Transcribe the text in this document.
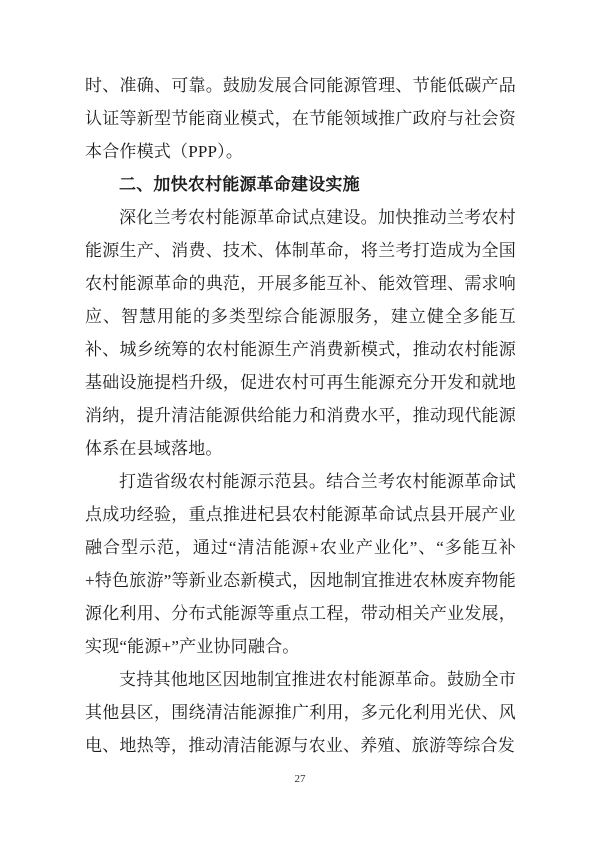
时、准确、可靠。鼓励发展合同能源管理、节能低碳产品认证等新型节能商业模式，在节能领域推广政府与社会资本合作模式（PPP）。

二、加快农村能源革命建设实施

深化兰考农村能源革命试点建设。加快推动兰考农村能源生产、消费、技术、体制革命，将兰考打造成为全国农村能源革命的典范，开展多能互补、能效管理、需求响应、智慧用能的多类型综合能源服务，建立健全多能互补、城乡统筹的农村能源生产消费新模式，推动农村能源基础设施提档升级，促进农村可再生能源充分开发和就地消纳，提升清洁能源供给能力和消费水平，推动现代能源体系在县域落地。

打造省级农村能源示范县。结合兰考农村能源革命试点成功经验，重点推进杞县农村能源革命试点县开展产业融合型示范，通过“清洁能源+农业产业化”、“多能互补+特色旅游”等新业态新模式，因地制宜推进农林废弃物能源化利用、分布式能源等重点工程，带动相关产业发展，实现“能源+”产业协同融合。

支持其他地区因地制宜推进农村能源革命。鼓励全市其他县区，围绕清洁能源推广利用，多元化利用光伏、风电、地热等，推动清洁能源与农业、养殖、旅游等综合发

27
